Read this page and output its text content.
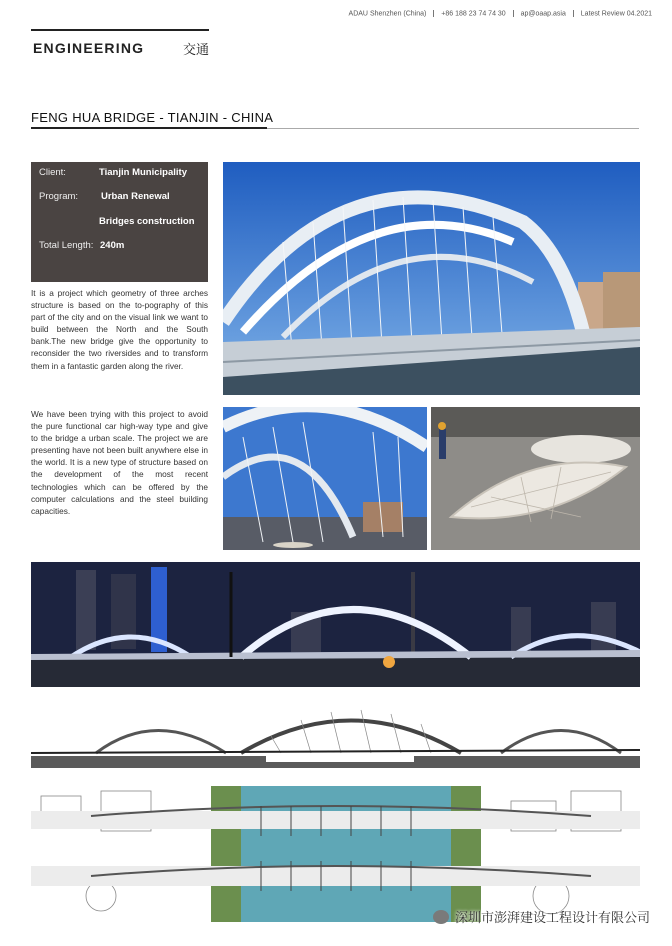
ADAU Shenzhen (China) +86 188 23 74 74 30 ap@oaap.asia Latest Review 04.2021
ENGINEERING	交通
FENG HUA BRIDGE - TIANJIN - CHINA
Client:	Tianjin Municipality
Program: Urban Renewal
Bridges construction
Total Length: 240m
It is a project which geometry of three arches structure is based on the to-pography of this part of the city and on the visual link we want to build between the North and the South bank.The new bridge give the opportunity to reconsider the two riversides and to transform them in a fantastic garden along the river.
We have been trying with this project to avoid the pure functional car high-way type and give to the bridge a urban scale. The project we are presenting have not been built anywhere else in the world. It is a new type of structure based on the development of the most recent technologies which can be offered by the computer calculations and the steel building capacities.
深圳市澎湃建设工程设计有限公司
